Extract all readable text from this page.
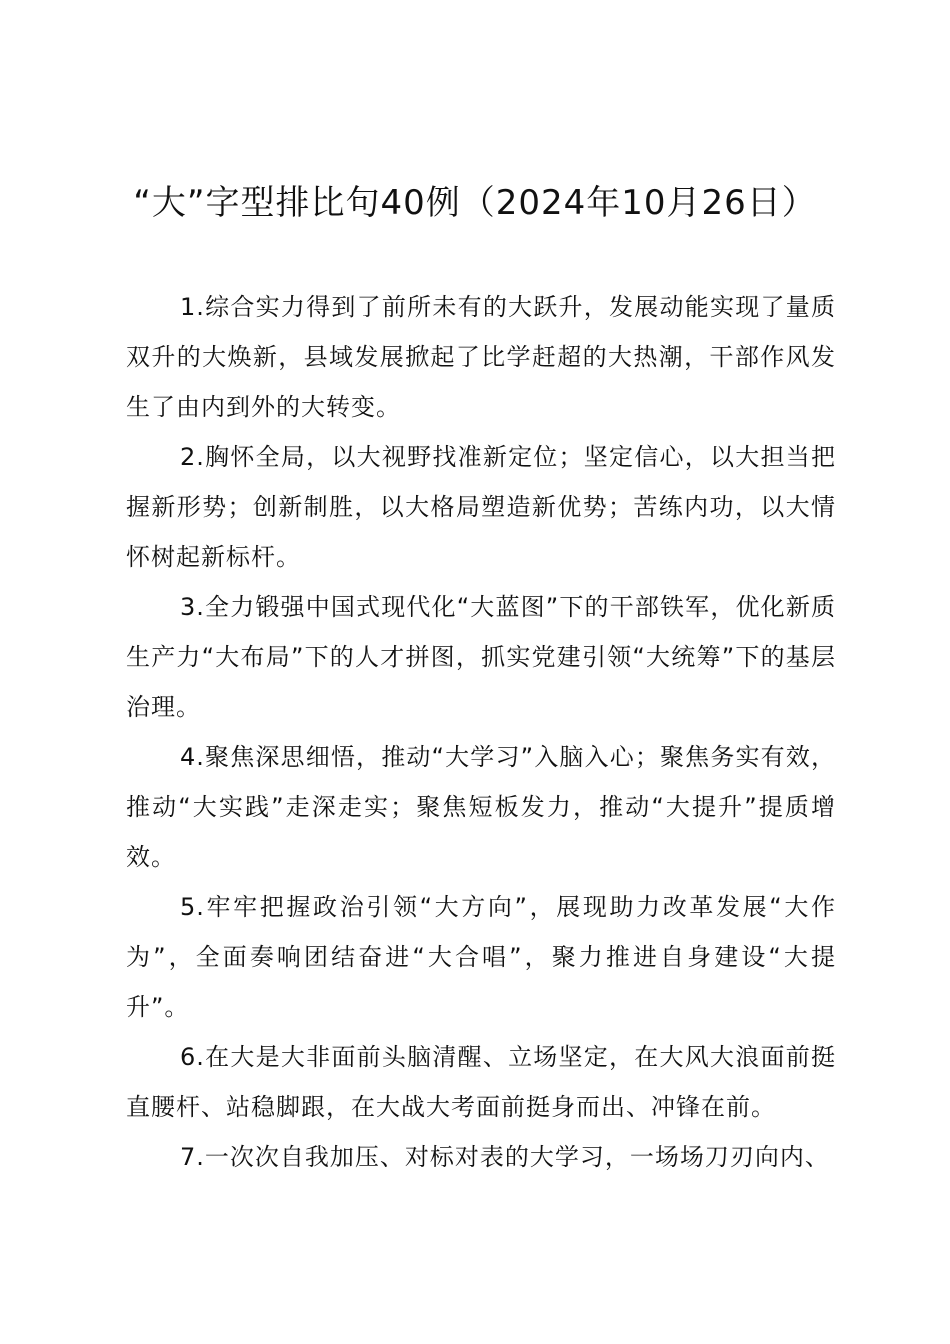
“大”字型排比句40例（2024年10月26日）

1.综合实力得到了前所未有的大跃升，发展动能实现了量质双升的大焕新，县域发展掀起了比学赶超的大热潮，干部作风发生了由内到外的大转变。

2.胸怀全局，以大视野找准新定位；坚定信心，以大担当把握新形势；创新制胜，以大格局塑造新优势；苦练内功，以大情怀树起新标杆。

3.全力锻强中国式现代化“大蓝图”下的干部铁军，优化新质生产力“大布局”下的人才拼图，抓实党建引领“大统筹”下的基层治理。

4.聚焦深思细悟，推动“大学习”入脑入心；聚焦务实有效，推动“大实践”走深走实；聚焦短板发力，推动“大提升”提质增效。

5.牢牢把握政治引领“大方向”，展现助力改革发展“大作为”，全面奏响团结奋进“大合唱”，聚力推进自身建设“大提升”。

6.在大是大非面前头脑清醒、立场坚定，在大风大浪面前挺直腰杆、站稳脚跟，在大战大考面前挺身而出、冲锋在前。

7.一次次自我加压、对标对表的大学习，一场场刀刃向内、
